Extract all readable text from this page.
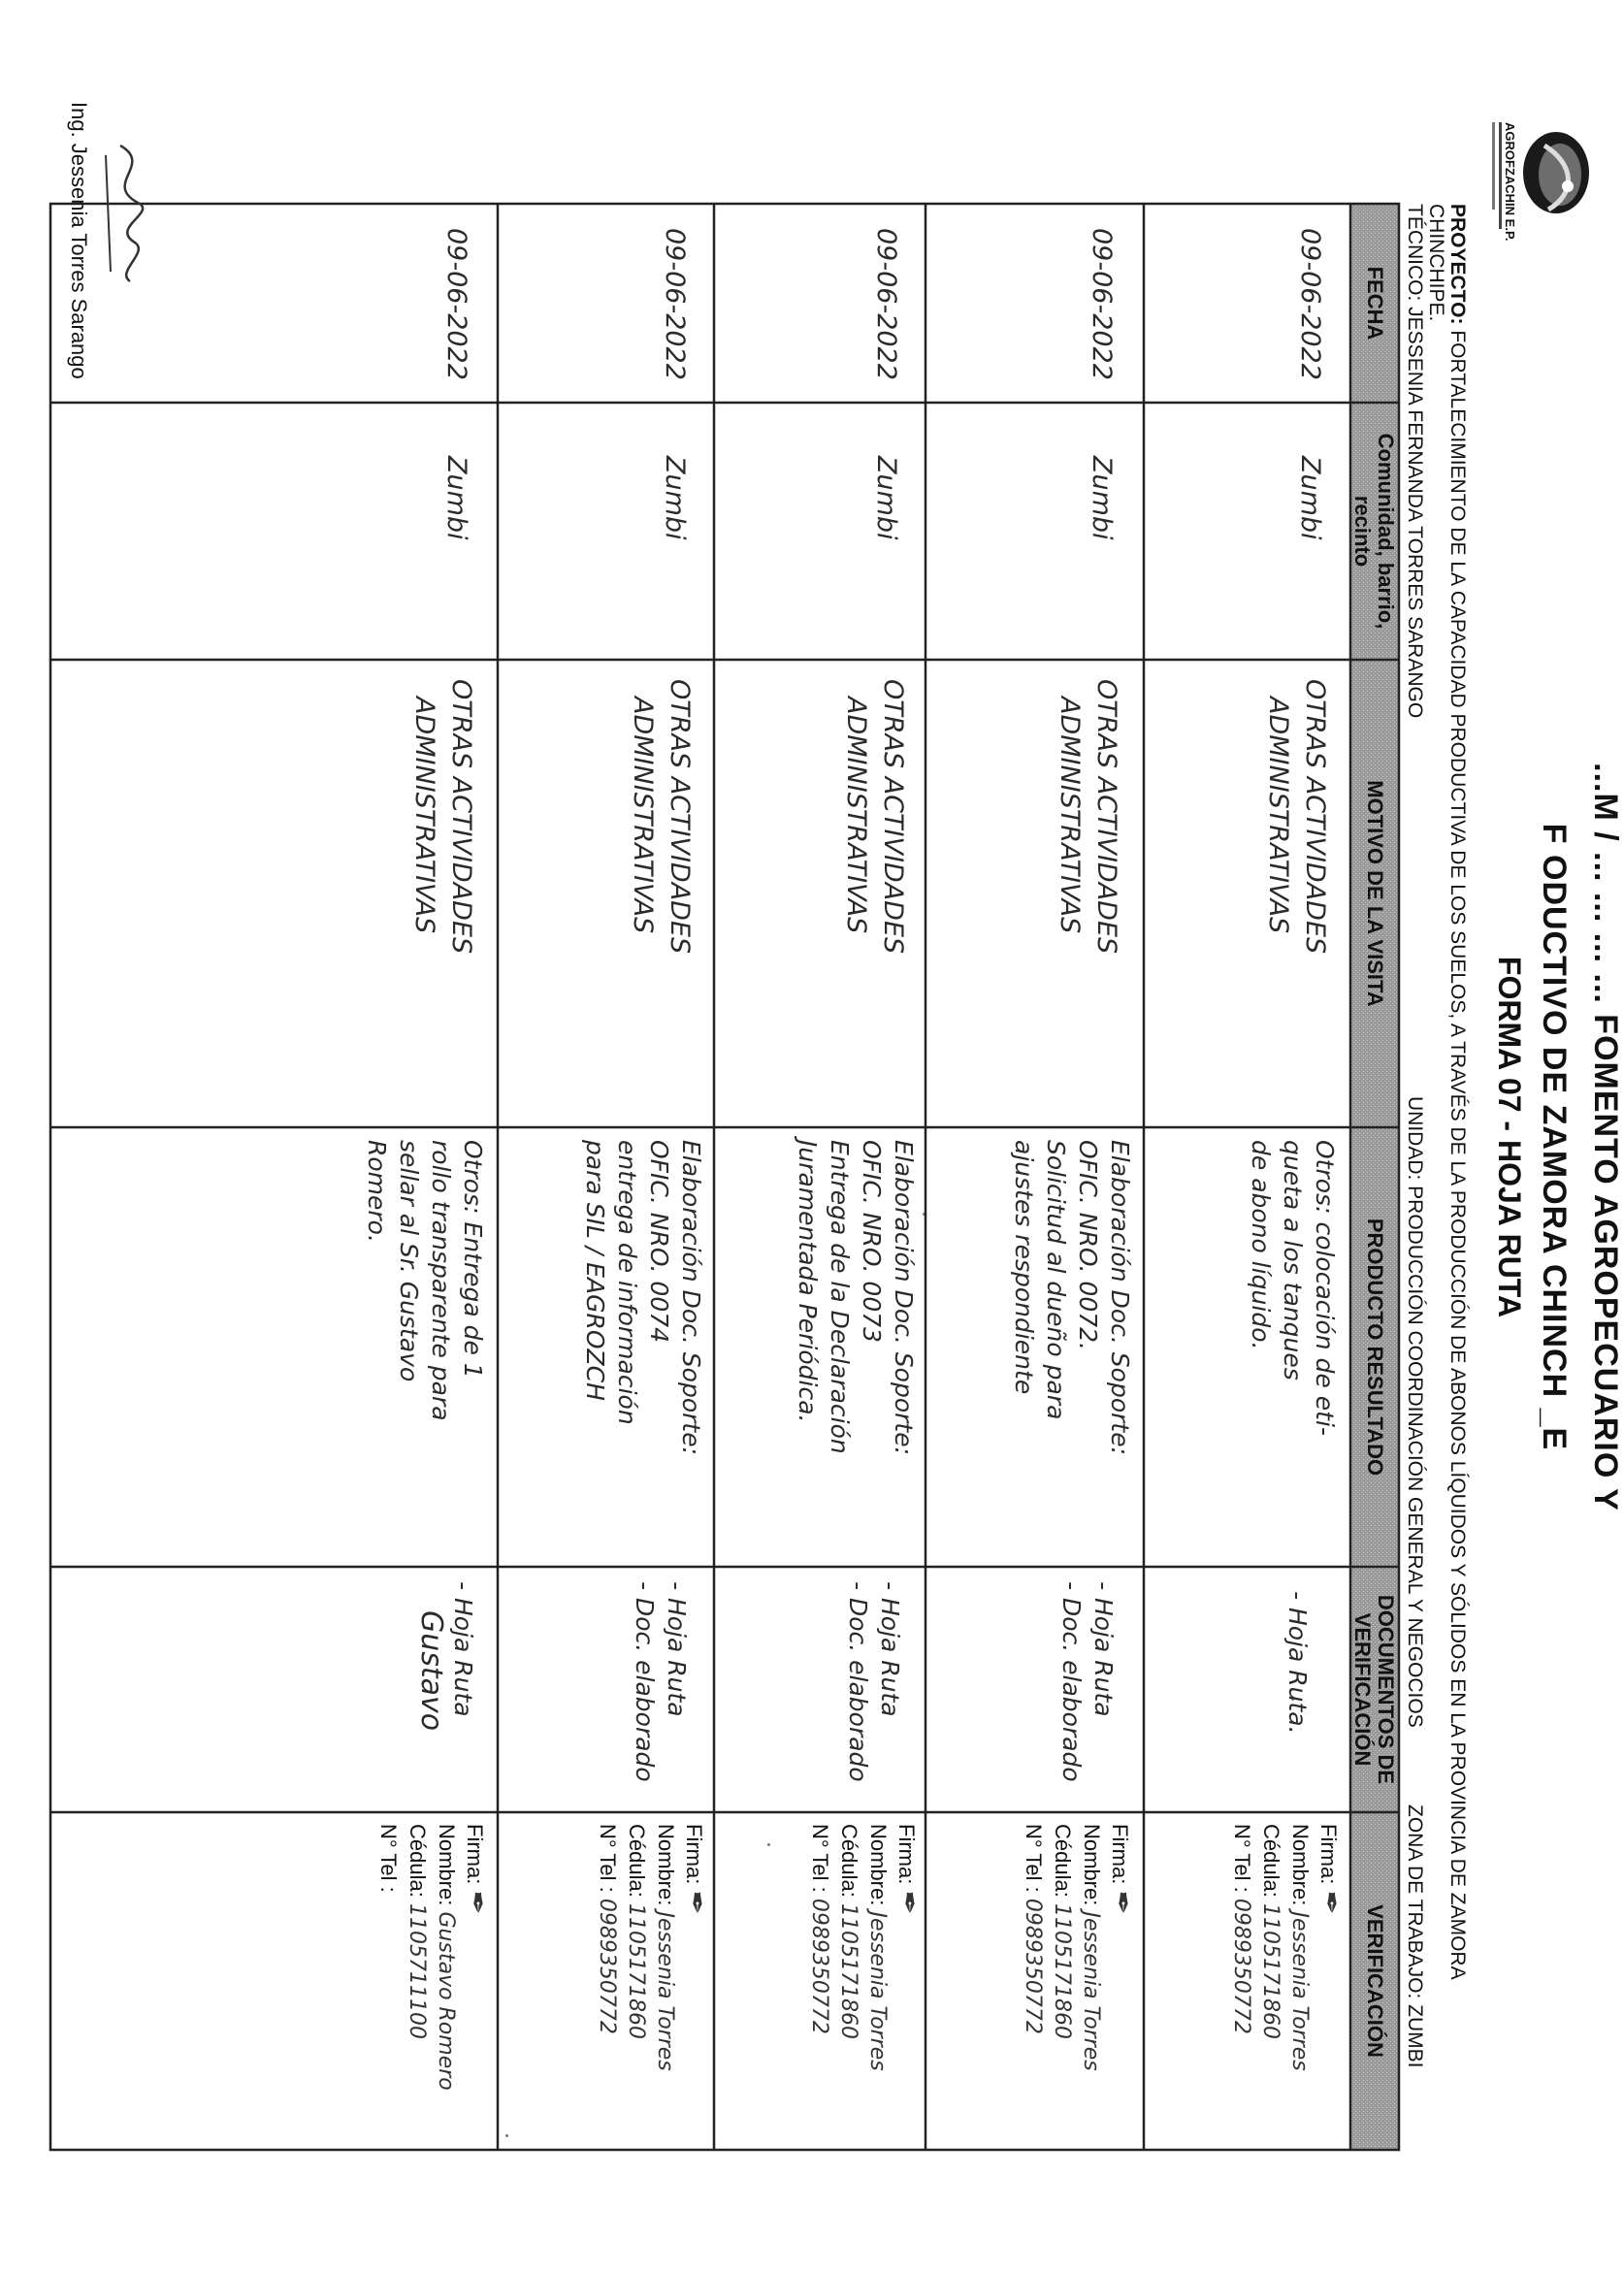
AGROFZACHIN E.P.
...M / ... ... ... ... FOMENTO AGROPECUARIO Y
F ODUCTIVO DE ZAMORA CHINCH _E
FORMA 07 - HOJA RUTA
PROYECTO: FORTALECIMIENTO DE LA CAPACIDAD PRODUCTIVA DE LOS SUELOS, A TRAVÉS DE LA PRODUCCIÓN DE ABONOS LÍQUIDOS Y SÓLIDOS EN LA PROVINCIA DE ZAMORA
CHINCHIPE.
TÉCNICO: JESSENIA FERNANDA TORRES SARANGO
UNIDAD: PRODUCCIÓN COORDINACIÓN GENERAL Y NEGOCIOS
ZONA DE TRABAJO: ZUMBI
FECHA
Comunidad, barrio, recinto
MOTIVO DE LA VISITA
PRODUCTO RESULTADO
DOCUMENTOS DE VERIFICACIÓN
VERIFICACIÓN
09-06-2022
Zumbi
OTRAS ACTIVIDADES
ADMINISTRATIVAS
Otros: colocación de eti-
queta a los tanques
de abono líquido.
- Hoja Ruta.
Firma: ✒︎
Nombre: Jessenia Torres
Cédula: 1105171860
N° Tel : 0989350772
09-06-2022
Zumbi
OTRAS ACTIVIDADES
ADMINISTRATIVAS
Elaboración Doc. Soporte:
OFIC. NRO. 0072.
Solicitud al dueño para
ajustes respondiente
- Hoja Ruta
- Doc. elaborado
Firma: ✒︎
Nombre: Jessenia Torres
Cédula: 1105171860
N° Tel : 0989350772
09-06-2022
Zumbi
OTRAS ACTIVIDADES
ADMINISTRATIVAS
Elaboración Doc. Soporte:
OFIC. NRO. 0073
Entrega de la Declaración
Juramentada Periódica.
- Hoja Ruta
- Doc. elaborado
Firma: ✒︎
Nombre: Jessenia Torres
Cédula: 1105171860
N° Tel : 0989350772
09-06-2022
Zumbi
OTRAS ACTIVIDADES
ADMINISTRATIVAS
Elaboración Doc. Soporte:
OFIC. NRO. 0074
entrega de información
para SIL / EAGROZCH
- Hoja Ruta
- Doc. elaborado
Firma: ✒︎
Nombre: Jessenia Torres
Cédula: 1105171860
N° Tel : 0989350772
09-06-2022
Zumbi
OTRAS ACTIVIDADES
ADMINISTRATIVAS
Otros: Entrega de 1
rollo transparente para
sellar al Sr. Gustavo
Romero.
- Hoja Ruta
Gustavo
Firma: ✒︎
Nombre: Gustavo Romero
Cédula: 1105711100
N° Tel :
Ing. Jessenia Torres Sarango
